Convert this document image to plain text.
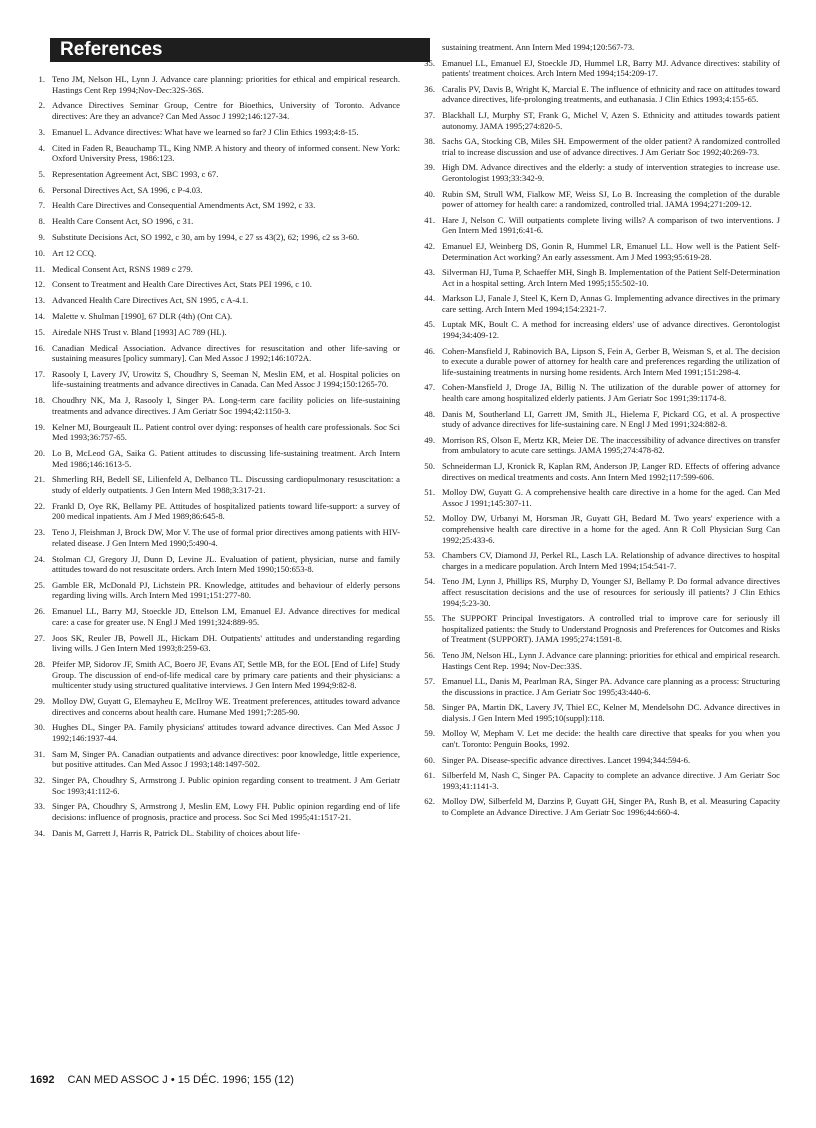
References
1. Teno JM, Nelson HL, Lynn J. Advance care planning: priorities for ethical and empirical research. Hastings Cent Rep 1994;Nov-Dec:32S-36S.
2. Advance Directives Seminar Group, Centre for Bioethics, University of Toronto. Advance directives: Are they an advance? Can Med Assoc J 1992;146:127-34.
3. Emanuel L. Advance directives: What have we learned so far? J Clin Ethics 1993;4:8-15.
4. Cited in Faden R, Beauchamp TL, King NMP. A history and theory of informed consent. New York: Oxford University Press, 1986:123.
5. Representation Agreement Act, SBC 1993, c 67.
6. Personal Directives Act, SA 1996, c P-4.03.
7. Health Care Directives and Consequential Amendments Act, SM 1992, c 33.
8. Health Care Consent Act, SO 1996, c 31.
9. Substitute Decisions Act, SO 1992, c 30, am by 1994, c 27 ss 43(2), 62; 1996, c2 ss 3-60.
10. Art 12 CCQ.
11. Medical Consent Act, RSNS 1989 c 279.
12. Consent to Treatment and Health Care Directives Act, Stats PEI 1996, c 10.
13. Advanced Health Care Directives Act, SN 1995, c A-4.1.
14. Malette v. Shulman [1990], 67 DLR (4th) (Ont CA).
15. Airedale NHS Trust v. Bland [1993] AC 789 (HL).
16. Canadian Medical Association. Advance directives for resuscitation and other life-saving or sustaining measures [policy summary]. Can Med Assoc J 1992;146:1072A.
17. Rasooly I, Lavery JV, Urowitz S, Choudhry S, Seeman N, Meslin EM, et al. Hospital policies on life-sustaining treatments and advance directives in Canada. Can Med Assoc J 1994;150:1265-70.
18. Choudhry NK, Ma J, Rasooly I, Singer PA. Long-term care facility policies on life-sustaining treatments and advance directives. J Am Geriatr Soc 1994;42:1150-3.
19. Kelner MJ, Bourgeault IL. Patient control over dying: responses of health care professionals. Soc Sci Med 1993;36:757-65.
20. Lo B, McLeod GA, Saika G. Patient attitudes to discussing life-sustaining treatment. Arch Intern Med 1986;146:1613-5.
21. Shmerling RH, Bedell SE, Lilienfeld A, Delbanco TL. Discussing cardiopulmonary resuscitation: a study of elderly outpatients. J Gen Intern Med 1988;3:317-21.
22. Frankl D, Oye RK, Bellamy PE. Attitudes of hospitalized patients toward life-support: a survey of 200 medical inpatients. Am J Med 1989;86:645-8.
23. Teno J, Fleishman J, Brock DW, Mor V. The use of formal prior directives among patients with HIV-related disease. J Gen Intern Med 1990;5:490-4.
24. Stolman CJ, Gregory JJ, Dunn D, Levine JL. Evaluation of patient, physician, nurse and family attitudes toward do not resuscitate orders. Arch Intern Med 1990;150:653-8.
25. Gamble ER, McDonald PJ, Lichstein PR. Knowledge, attitudes and behaviour of elderly persons regarding living wills. Arch Intern Med 1991;151:277-80.
26. Emanuel LL, Barry MJ, Stoeckle JD, Ettelson LM, Emanuel EJ. Advance directives for medical care: a case for greater use. N Engl J Med 1991;324:889-95.
27. Joos SK, Reuler JB, Powell JL, Hickam DH. Outpatients' attitudes and understanding regarding living wills. J Gen Intern Med 1993;8:259-63.
28. Pfeifer MP, Sidorov JF, Smith AC, Boero JF, Evans AT, Settle MB, for the EOL [End of Life] Study Group. The discussion of end-of-life medical care by primary care patients and their physicians: a multicenter study using structured qualitative interviews. J Gen Intern Med 1994;9:82-8.
29. Molloy DW, Guyatt G, Elemayheu E, McIlroy WE. Treatment preferences, attitudes toward advance directives and concerns about health care. Humane Med 1991;7:285-90.
30. Hughes DL, Singer PA. Family physicians' attitudes toward advance directives. Can Med Assoc J 1992;146:1937-44.
31. Sam M, Singer PA. Canadian outpatients and advance directives: poor knowledge, little experience, but positive attitudes. Can Med Assoc J 1993;148:1497-502.
32. Singer PA, Choudhry S, Armstrong J. Public opinion regarding consent to treatment. J Am Geriatr Soc 1993;41:112-6.
33. Singer PA, Choudhry S, Armstrong J, Meslin EM, Lowy FH. Public opinion regarding end of life decisions: influence of prognosis, practice and process. Soc Sci Med 1995;41:1517-21.
34. Danis M, Garrett J, Harris R, Patrick DL. Stability of choices about life-
sustaining treatment. Ann Intern Med 1994;120:567-73.
35. Emanuel LL, Emanuel EJ, Stoeckle JD, Hummel LR, Barry MJ. Advance directives: stability of patients' treatment choices. Arch Intern Med 1994;154:209-17.
36. Caralis PV, Davis B, Wright K, Marcial E. The influence of ethnicity and race on attitudes toward advance directives, life-prolonging treatments, and euthanasia. J Clin Ethics 1993;4:155-65.
37. Blackhall LJ, Murphy ST, Frank G, Michel V, Azen S. Ethnicity and attitudes towards patient autonomy. JAMA 1995;274:820-5.
38. Sachs GA, Stocking CB, Miles SH. Empowerment of the older patient? A randomized controlled trial to increase discussion and use of advance directives. J Am Geriatr Soc 1992;40:269-73.
39. High DM. Advance directives and the elderly: a study of intervention strategies to increase use. Gerontologist 1993;33:342-9.
40. Rubin SM, Strull WM, Fialkow MF, Weiss SJ, Lo B. Increasing the completion of the durable power of attorney for health care: a randomized, controlled trial. JAMA 1994;271:209-12.
41. Hare J, Nelson C. Will outpatients complete living wills? A comparison of two interventions. J Gen Intern Med 1991;6:41-6.
42. Emanuel EJ, Weinberg DS, Gonin R, Hummel LR, Emanuel LL. How well is the Patient Self-Determination Act working? An early assessment. Am J Med 1993;95:619-28.
43. Silverman HJ, Tuma P, Schaeffer MH, Singh B. Implementation of the Patient Self-Determination Act in a hospital setting. Arch Intern Med 1995;155:502-10.
44. Markson LJ, Fanale J, Steel K, Kern D, Annas G. Implementing advance directives in the primary care setting. Arch Intern Med 1994;154:2321-7.
45. Luptak MK, Boult C. A method for increasing elders' use of advance directives. Gerontologist 1994;34:409-12.
46. Cohen-Mansfield J, Rabinovich BA, Lipson S, Fein A, Gerber B, Weisman S, et al. The decision to execute a durable power of attorney for health care and preferences regarding the utilization of life-sustaining treatments in nursing home residents. Arch Intern Med 1991;151:298-4.
47. Cohen-Mansfield J, Droge JA, Billig N. The utilization of the durable power of attorney for health care among hospitalized elderly patients. J Am Geriatr Soc 1991;39:1174-8.
48. Danis M, Southerland LI, Garrett JM, Smith JL, Hielema F, Pickard CG, et al. A prospective study of advance directives for life-sustaining care. N Engl J Med 1991;324:882-8.
49. Morrison RS, Olson E, Mertz KR, Meier DE. The inaccessibility of advance directives on transfer from ambulatory to acute care settings. JAMA 1995;274:478-82.
50. Schneiderman LJ, Kronick R, Kaplan RM, Anderson JP, Langer RD. Effects of offering advance directives on medical treatments and costs. Ann Intern Med 1992;117:599-606.
51. Molloy DW, Guyatt G. A comprehensive health care directive in a home for the aged. Can Med Assoc J 1991;145:307-11.
52. Molloy DW, Urbanyi M, Horsman JR, Guyatt GH, Bedard M. Two years' experience with a comprehensive health care directive in a home for the aged. Ann R Coll Physician Surg Can 1992;25:433-6.
53. Chambers CV, Diamond JJ, Perkel RL, Lasch LA. Relationship of advance directives to hospital charges in a medicare population. Arch Intern Med 1994;154:541-7.
54. Teno JM, Lynn J, Phillips RS, Murphy D, Younger SJ, Bellamy P. Do formal advance directives affect resuscitation decisions and the use of resources for seriously ill patients? J Clin Ethics 1994;5:23-30.
55. The SUPPORT Principal Investigators. A controlled trial to improve care for seriously ill hospitalized patients: the Study to Understand Prognosis and Preferences for Outcomes and Risks of Treatment (SUPPORT). JAMA 1995;274:1591-8.
56. Teno JM, Nelson HL, Lynn J. Advance care planning: priorities for ethical and empirical research. Hastings Cent Rep. 1994; Nov-Dec:33S.
57. Emanuel LL, Danis M, Pearlman RA, Singer PA. Advance care planning as a process: Structuring the discussions in practice. J Am Geriatr Soc 1995;43:440-6.
58. Singer PA, Martin DK, Lavery JV, Thiel EC, Kelner M, Mendelsohn DC. Advance directives in dialysis. J Gen Intern Med 1995;10(suppl):118.
59. Molloy W, Mepham V. Let me decide: the health care directive that speaks for you when you can't. Toronto: Penguin Books, 1992.
60. Singer PA. Disease-specific advance directives. Lancet 1994;344:594-6.
61. Silberfeld M, Nash C, Singer PA. Capacity to complete an advance directive. J Am Geriatr Soc 1993;41:1141-3.
62. Molloy DW, Silberfeld M, Darzins P, Guyatt GH, Singer PA, Rush B, et al. Measuring Capacity to Complete an Advance Directive. J Am Geriatr Soc 1996;44:660-4.
1692 CAN MED ASSOC J • 15 DÉC. 1996; 155 (12)
